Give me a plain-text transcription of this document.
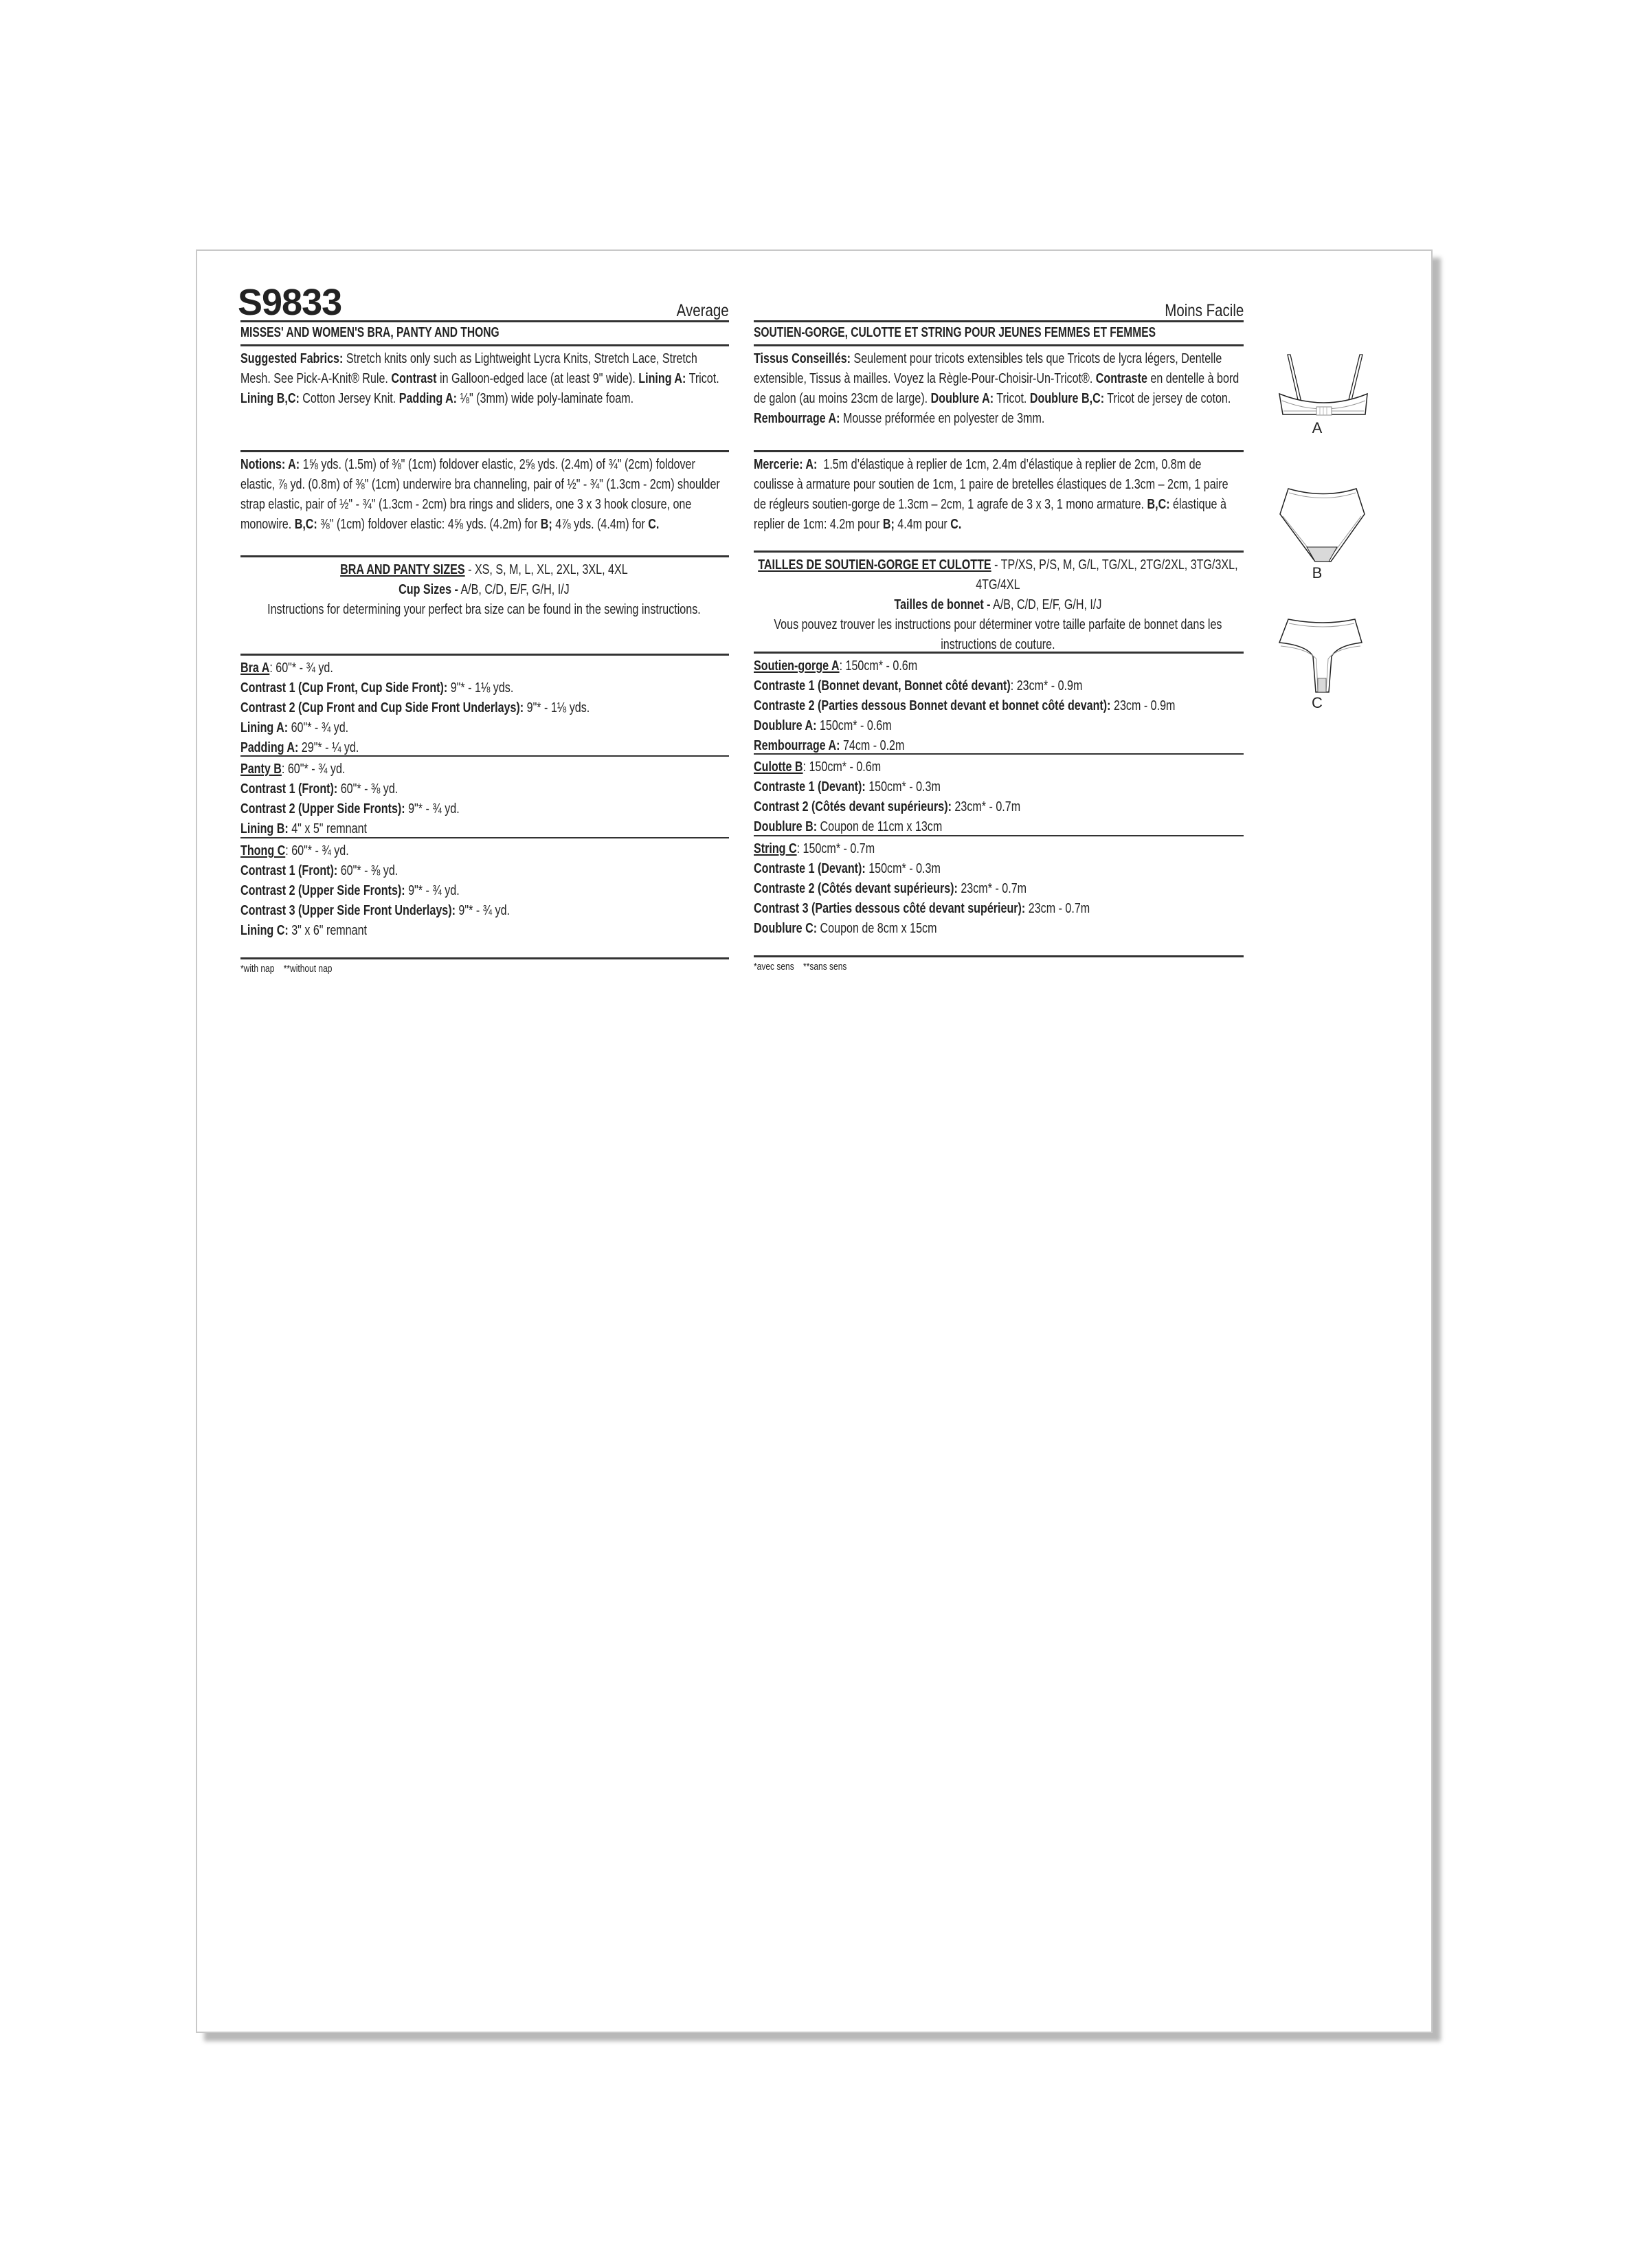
S9833	Average
MISSES' AND WOMEN'S BRA, PANTY AND THONG
Suggested Fabrics: Stretch knits only such as Lightweight Lycra Knits, Stretch Lace, Stretch Mesh. See Pick-A-Knit® Rule. Contrast in Galloon-edged lace (at least 9" wide). Lining A: Tricot. Lining B,C: Cotton Jersey Knit. Padding A: ⅛" (3mm) wide poly-laminate foam.
Notions: A: 1⅝ yds. (1.5m) of ⅜" (1cm) foldover elastic, 2⅝ yds. (2.4m) of ¾" (2cm) foldover elastic, ⅞ yd. (0.8m) of ⅜" (1cm) underwire bra channeling, pair of ½" - ¾" (1.3cm - 2cm) shoulder strap elastic, pair of ½" - ¾" (1.3cm - 2cm) bra rings and sliders, one 3 x 3 hook closure, one monowire. B,C: ⅜" (1cm) foldover elastic: 4⅝ yds. (4.2m) for B; 4⅞ yds. (4.4m) for C.
BRA AND PANTY SIZES - XS, S, M, L, XL, 2XL, 3XL, 4XL
Cup Sizes - A/B, C/D, E/F, G/H, I/J
Instructions for determining your perfect bra size can be found in the sewing instructions.
Bra A: 60"* - ¾ yd.
Contrast 1 (Cup Front, Cup Side Front): 9"* - 1⅛ yds.
Contrast 2 (Cup Front and Cup Side Front Underlays): 9"* - 1⅛ yds.
Lining A: 60"* - ¾ yd.
Padding A: 29"* - ¼ yd.
Panty B: 60"* - ¾ yd.
Contrast 1 (Front): 60"* - ⅜ yd.
Contrast 2 (Upper Side Fronts): 9"* - ¾ yd.
Lining B: 4" x 5" remnant
Thong C: 60"* - ¾ yd.
Contrast 1 (Front): 60"* - ⅜ yd.
Contrast 2 (Upper Side Fronts): 9"* - ¾ yd.
Contrast 3 (Upper Side Front Underlays): 9"* - ¾ yd.
Lining C: 3" x 6" remnant
*with nap    **without nap
Moins Facile
SOUTIEN-GORGE, CULOTTE ET STRING POUR JEUNES FEMMES ET FEMMES
Tissus Conseillés: Seulement pour tricots extensibles tels que Tricots de lycra légers, Dentelle extensible, Tissus à mailles. Voyez la Règle-Pour-Choisir-Un-Tricot®. Contraste en dentelle à bord de galon (au moins 23cm de large). Doublure A: Tricot. Doublure B,C: Tricot de jersey de coton. Rembourrage A: Mousse préformée en polyester de 3mm.
Mercerie: A:  1.5m d’élastique à replier de 1cm, 2.4m d’élastique à replier de 2cm, 0.8m de coulisse à armature pour soutien de 1cm, 1 paire de bretelles élastiques de 1.3cm – 2cm, 1 paire de régleurs soutien-gorge de 1.3cm – 2cm, 1 agrafe de 3 x 3, 1 mono armature. B,C: élastique à replier de 1cm: 4.2m pour B; 4.4m pour C.
TAILLES DE SOUTIEN-GORGE ET CULOTTE - TP/XS, P/S, M, G/L, TG/XL, 2TG/2XL, 3TG/3XL, 4TG/4XL
Tailles de bonnet - A/B, C/D, E/F, G/H, I/J
Vous pouvez trouver les instructions pour déterminer votre taille parfaite de bonnet dans les instructions de couture.
Soutien-gorge A: 150cm* - 0.6m
Contraste 1 (Bonnet devant, Bonnet côté devant): 23cm* - 0.9m
Contraste 2 (Parties dessous Bonnet devant et bonnet côté devant): 23cm - 0.9m
Doublure A: 150cm* - 0.6m
Rembourrage A: 74cm - 0.2m
Culotte B: 150cm* - 0.6m
Contraste 1 (Devant): 150cm* - 0.3m
Contrast 2 (Côtés devant supérieurs): 23cm* - 0.7m
Doublure B: Coupon de 11cm x 13cm
String C: 150cm* - 0.7m
Contraste 1 (Devant): 150cm* - 0.3m
Contraste 2 (Côtés devant supérieurs): 23cm* - 0.7m
Contrast 3 (Parties dessous côté devant supérieur): 23cm - 0.7m
Doublure C: Coupon de 8cm x 15cm
*avec sens    **sans sens
A
B
C
